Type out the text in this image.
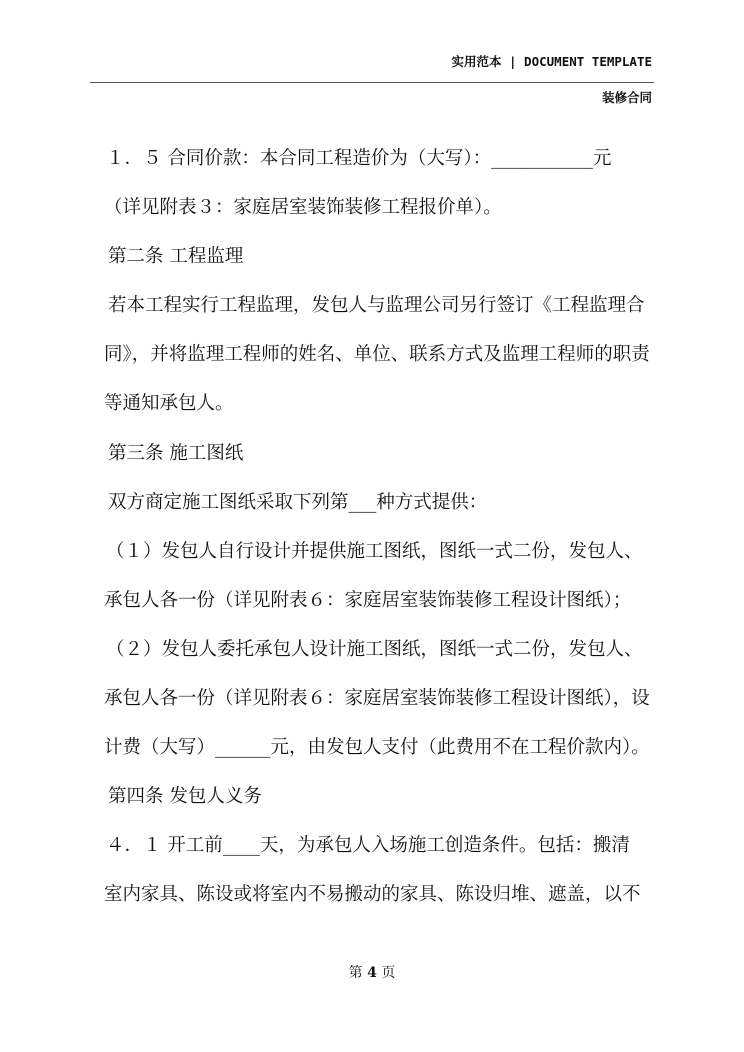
实用范本 | DOCUMENT TEMPLATE
装修合同
１．５ 合同价款：本合同工程造价为（大写）：___________元
（详见附表３：家庭居室装饰装修工程报价单）。
第二条 工程监理
若本工程实行工程监理，发包人与监理公司另行签订《工程监理合
同》，并将监理工程师的姓名、单位、联系方式及监理工程师的职责
等通知承包人。
第三条 施工图纸
双方商定施工图纸采取下列第___种方式提供：
（１）发包人自行设计并提供施工图纸，图纸一式二份，发包人、
承包人各一份（详见附表６：家庭居室装饰装修工程设计图纸）；
（２）发包人委托承包人设计施工图纸，图纸一式二份，发包人、
承包人各一份（详见附表６：家庭居室装饰装修工程设计图纸），设
计费（大写）______元，由发包人支付（此费用不在工程价款内）。
第四条 发包人义务
４．１ 开工前____天，为承包人入场施工创造条件。包括：搬清
室内家具、陈设或将室内不易搬动的家具、陈设归堆、遮盖，以不
第 4 页
